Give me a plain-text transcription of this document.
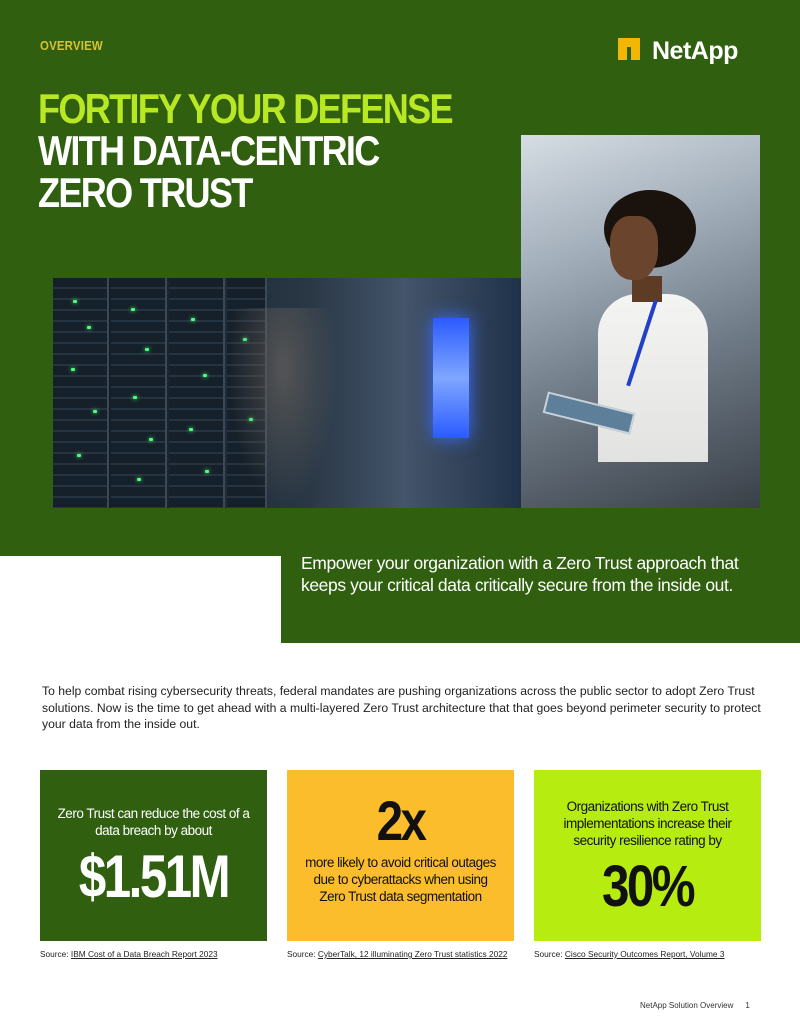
OVERVIEW	NetApp
FORTIFY YOUR DEFENSE
WITH DATA-CENTRIC
ZERO TRUST
Empower your organization with a Zero Trust approach that keeps your critical data critically secure from the inside out.
To help combat rising cybersecurity threats, federal mandates are pushing organizations across the public sector to adopt Zero Trust solutions. Now is the time to get ahead with a multi-layered Zero Trust architecture that that goes beyond perimeter security to protect your data from the inside out.
Zero Trust can reduce the cost of a data breach by about
$1.51M
2x
more likely to avoid critical outages due to cyberattacks when using Zero Trust data segmentation
Organizations with Zero Trust implementations increase their security resilience rating by
30%
Source: IBM Cost of a Data Breach Report 2023	Source: CyberTalk, 12 illuminating Zero Trust statistics 2022	Source: Cisco Security Outcomes Report, Volume 3
NetApp Solution Overview 1
